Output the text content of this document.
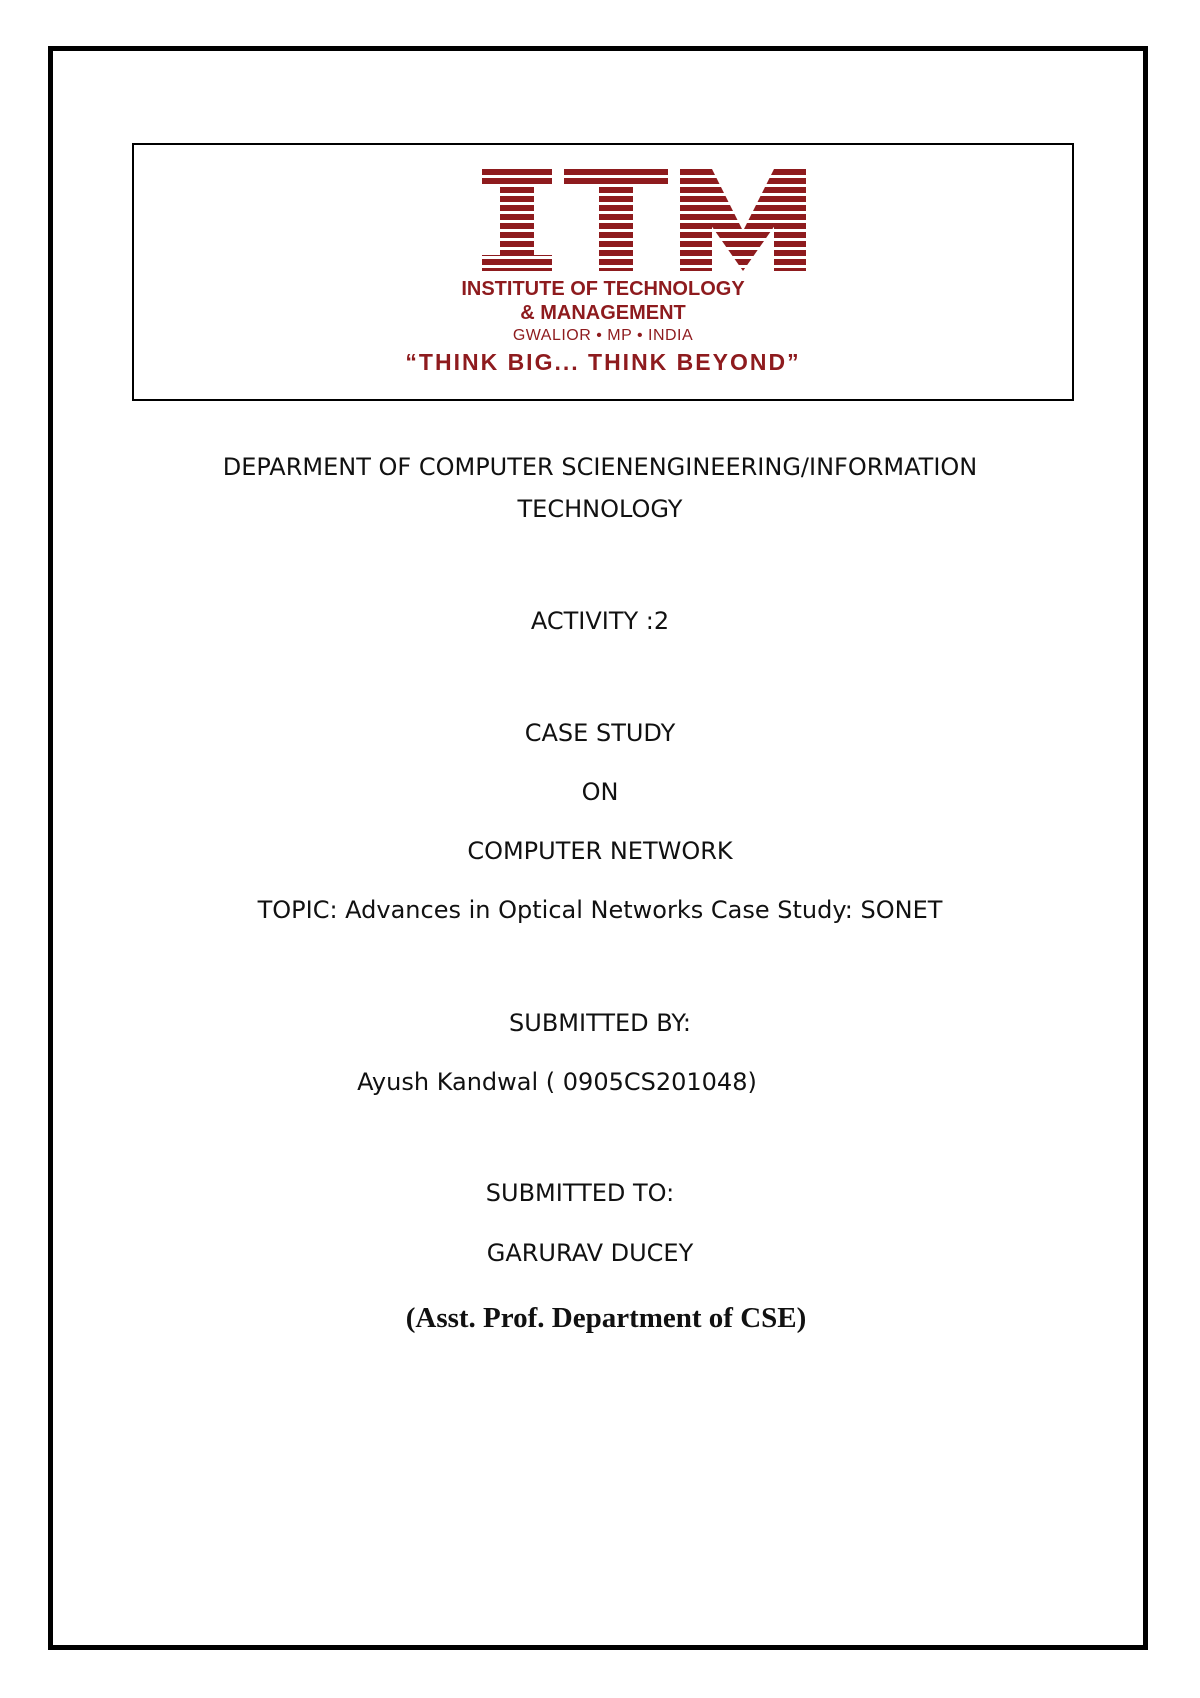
INSTITUTE OF TECHNOLOGY
& MANAGEMENT
GWALIOR • MP • INDIA
“THINK BIG... THINK BEYOND”
DEPARMENT OF COMPUTER SCIENENGINEERING/INFORMATION
TECHNOLOGY
ACTIVITY :2
CASE STUDY
ON
COMPUTER NETWORK
TOPIC: Advances in Optical Networks Case Study: SONET
SUBMITTED BY:
Ayush Kandwal ( 0905CS201048)
SUBMITTED TO:
GARURAV DUCEY
(Asst. Prof. Department of CSE)
